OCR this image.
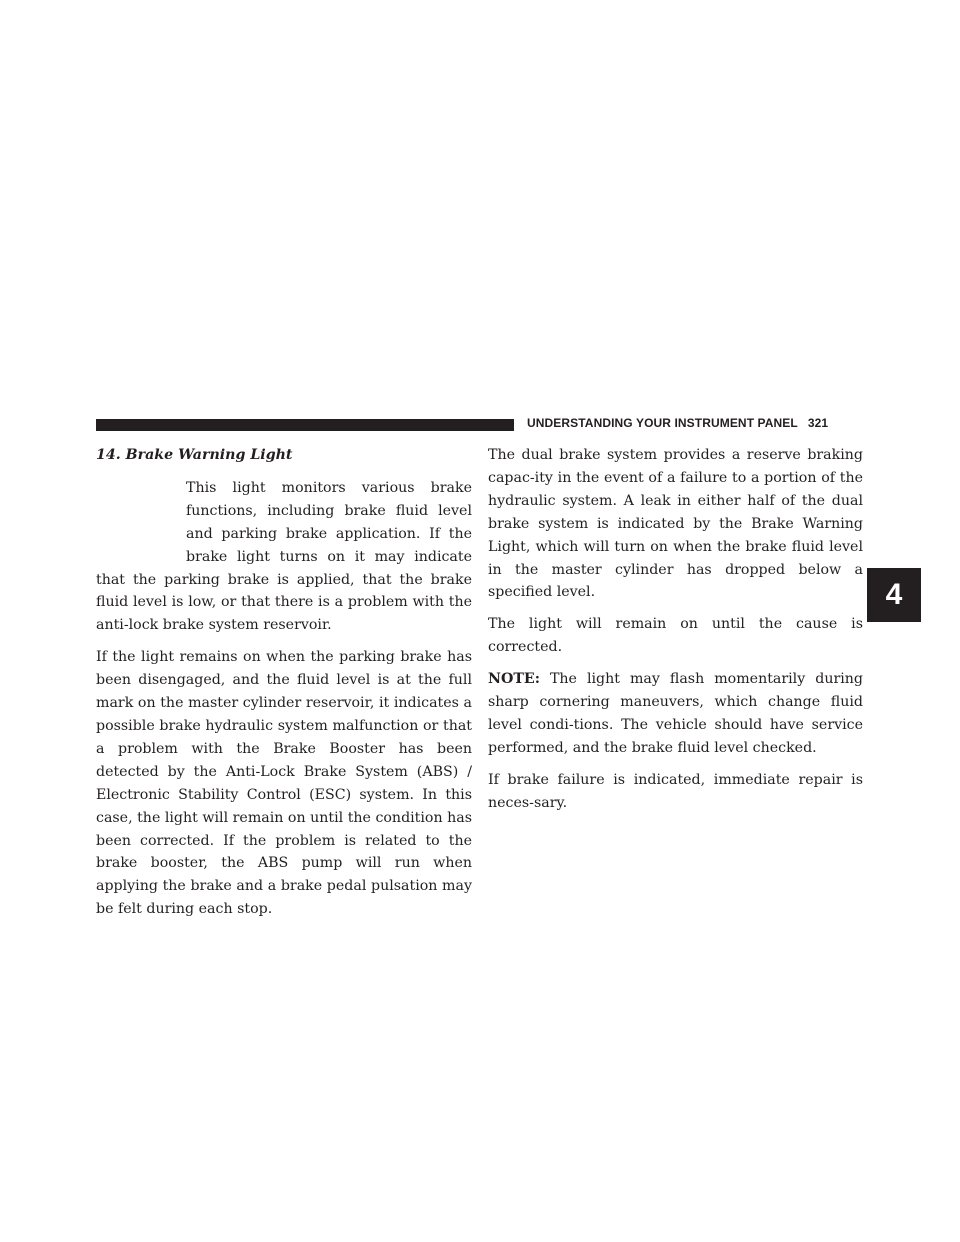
UNDERSTANDING YOUR INSTRUMENT PANEL 321
4
14. Brake Warning Light

This light monitors various brake functions, including brake fluid level and parking brake application. If the brake light turns on it may indicate that the parking brake is applied, that the brake fluid level is low, or that there is a problem with the anti-lock brake system reservoir.

If the light remains on when the parking brake has been disengaged, and the fluid level is at the full mark on the master cylinder reservoir, it indicates a possible brake hydraulic system malfunction or that a problem with the Brake Booster has been detected by the Anti-Lock Brake System (ABS) / Electronic Stability Control (ESC) system. In this case, the light will remain on until the condition has been corrected. If the problem is related to the brake booster, the ABS pump will run when applying the brake and a brake pedal pulsation may be felt during each stop.

The dual brake system provides a reserve braking capac-ity in the event of a failure to a portion of the hydraulic system. A leak in either half of the dual brake system is indicated by the Brake Warning Light, which will turn on when the brake fluid level in the master cylinder has dropped below a specified level.

The light will remain on until the cause is corrected.

NOTE: The light may flash momentarily during sharp cornering maneuvers, which change fluid level condi-tions. The vehicle should have service performed, and the brake fluid level checked.

If brake failure is indicated, immediate repair is neces-sary.
